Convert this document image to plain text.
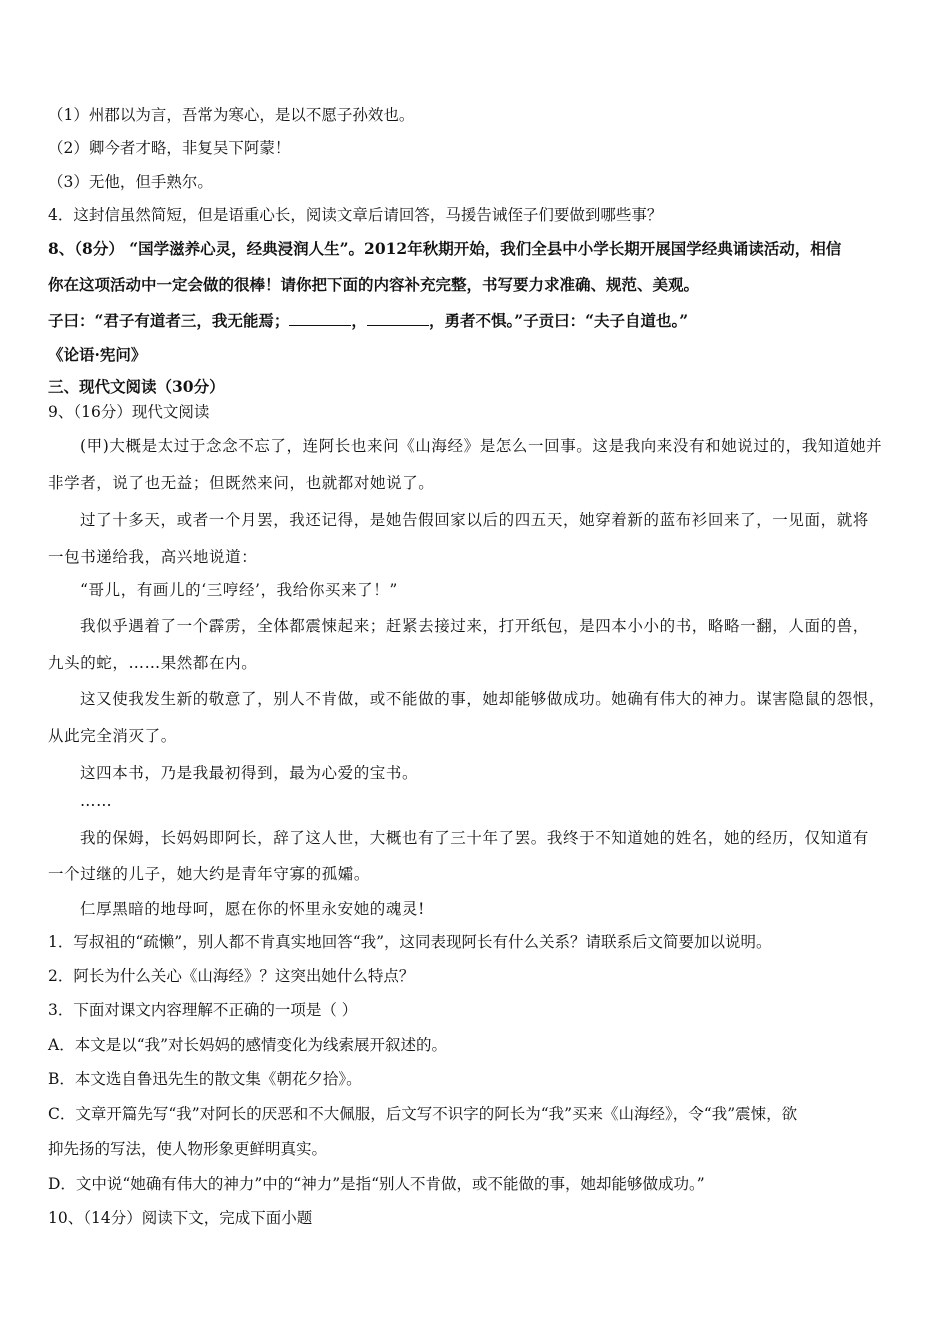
（1）州郡以为言，吾常为寒心，是以不愿子孙效也。
（2）卿今者才略，非复吴下阿蒙！
（3）无他，但手熟尔。
4．这封信虽然简短，但是语重心长，阅读文章后请回答，马援告诫侄子们要做到哪些事？
8、（8分） “国学滋养心灵，经典浸润人生”。2012年秋期开始，我们全县中小学长期开展国学经典诵读活动，相信
你在这项活动中一定会做的很棒！请你把下面的内容补充完整，书写要力求准确、规范、美观。
子曰：“君子有道者三，我无能焉；	，	，勇者不惧。”子贡曰：“夫子自道也。”
《论语·宪问》
三、现代文阅读（30分）
9、（16分）现代文阅读
(甲)大概是太过于念念不忘了，连阿长也来问《山海经》是怎么一回事。这是我向来没有和她说过的，我知道她并
非学者，说了也无益；但既然来问，也就都对她说了。
过了十多天，或者一个月罢，我还记得，是她告假回家以后的四五天，她穿着新的蓝布衫回来了，一见面，就将
一包书递给我，高兴地说道：
“哥儿，有画儿的‘三哼经’，我给你买来了！”
我似乎遇着了一个霹雳，全体都震悚起来；赶紧去接过来，打开纸包，是四本小小的书，略略一翻，人面的兽，
九头的蛇，……果然都在内。
这又使我发生新的敬意了，别人不肯做，或不能做的事，她却能够做成功。她确有伟大的神力。谋害隐鼠的怨恨，
从此完全消灭了。
这四本书，乃是我最初得到，最为心爱的宝书。
……
我的保姆，长妈妈即阿长，辞了这人世，大概也有了三十年了罢。我终于不知道她的姓名，她的经历，仅知道有
一个过继的儿子，她大约是青年守寡的孤孀。
仁厚黑暗的地母呵，愿在你的怀里永安她的魂灵!
1．写叔祖的“疏懒”，别人都不肯真实地回答“我”，这同表现阿长有什么关系？请联系后文简要加以说明。
2．阿长为什么关心《山海经》？这突出她什么特点？
3．下面对课文内容理解不正确的一项是（ ）
A．本文是以“我”对长妈妈的感情变化为线索展开叙述的。
B．本文选自鲁迅先生的散文集《朝花夕拾》。
C．文章开篇先写“我”对阿长的厌恶和不大佩服，后文写不识字的阿长为“我”买来《山海经》，令“我”震悚，欲
抑先扬的写法，使人物形象更鲜明真实。
D．文中说“她确有伟大的神力”中的“神力”是指“别人不肯做，或不能做的事，她却能够做成功。”
10、（14分）阅读下文，完成下面小题
